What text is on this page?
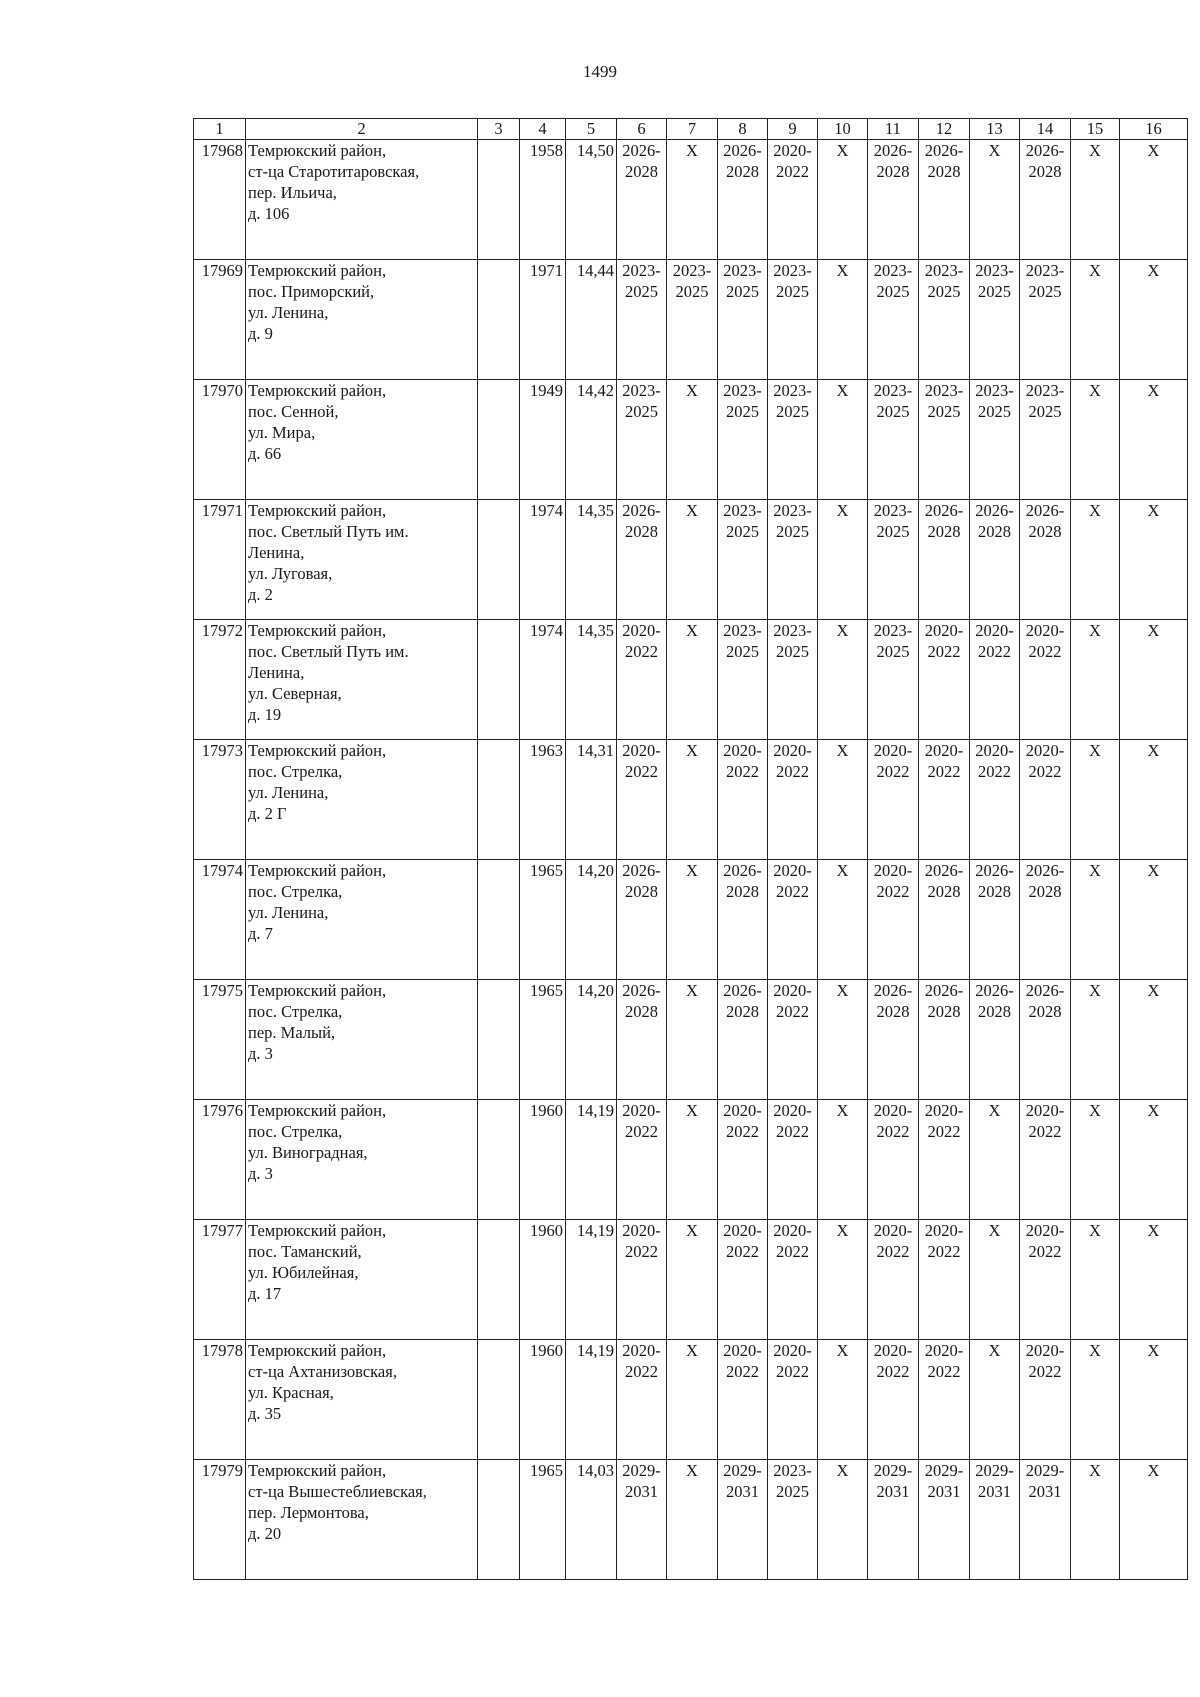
1499
1	2	3	4	5	6	7	8	9	10	11	12	13	14	15	16
17968	Темрюкский район,
ст-ца Старотитаровская,
пер. Ильича,
д. 106		1958	14,50	2026-
2028	X	2026-
2028	2020-
2022	X	2026-
2028	2026-
2028	X	2026-
2028	X	X
17969	Темрюкский район,
пос. Приморский,
ул. Ленина,
д. 9		1971	14,44	2023-
2025	2023-
2025	2023-
2025	2023-
2025	X	2023-
2025	2023-
2025	2023-
2025	2023-
2025	X	X
17970	Темрюкский район,
пос. Сенной,
ул. Мира,
д. 66		1949	14,42	2023-
2025	X	2023-
2025	2023-
2025	X	2023-
2025	2023-
2025	2023-
2025	2023-
2025	X	X
17971	Темрюкский район,
пос. Светлый Путь им.
Ленина,
ул. Луговая,
д. 2		1974	14,35	2026-
2028	X	2023-
2025	2023-
2025	X	2023-
2025	2026-
2028	2026-
2028	2026-
2028	X	X
17972	Темрюкский район,
пос. Светлый Путь им.
Ленина,
ул. Северная,
д. 19		1974	14,35	2020-
2022	X	2023-
2025	2023-
2025	X	2023-
2025	2020-
2022	2020-
2022	2020-
2022	X	X
17973	Темрюкский район,
пос. Стрелка,
ул. Ленина,
д. 2 Г		1963	14,31	2020-
2022	X	2020-
2022	2020-
2022	X	2020-
2022	2020-
2022	2020-
2022	2020-
2022	X	X
17974	Темрюкский район,
пос. Стрелка,
ул. Ленина,
д. 7		1965	14,20	2026-
2028	X	2026-
2028	2020-
2022	X	2020-
2022	2026-
2028	2026-
2028	2026-
2028	X	X
17975	Темрюкский район,
пос. Стрелка,
пер. Малый,
д. 3		1965	14,20	2026-
2028	X	2026-
2028	2020-
2022	X	2026-
2028	2026-
2028	2026-
2028	2026-
2028	X	X
17976	Темрюкский район,
пос. Стрелка,
ул. Виноградная,
д. 3		1960	14,19	2020-
2022	X	2020-
2022	2020-
2022	X	2020-
2022	2020-
2022	X	2020-
2022	X	X
17977	Темрюкский район,
пос. Таманский,
ул. Юбилейная,
д. 17		1960	14,19	2020-
2022	X	2020-
2022	2020-
2022	X	2020-
2022	2020-
2022	X	2020-
2022	X	X
17978	Темрюкский район,
ст-ца Ахтанизовская,
ул. Красная,
д. 35		1960	14,19	2020-
2022	X	2020-
2022	2020-
2022	X	2020-
2022	2020-
2022	X	2020-
2022	X	X
17979	Темрюкский район,
ст-ца Вышестеблиевская,
пер. Лермонтова,
д. 20		1965	14,03	2029-
2031	X	2029-
2031	2023-
2025	X	2029-
2031	2029-
2031	2029-
2031	2029-
2031	X	X
